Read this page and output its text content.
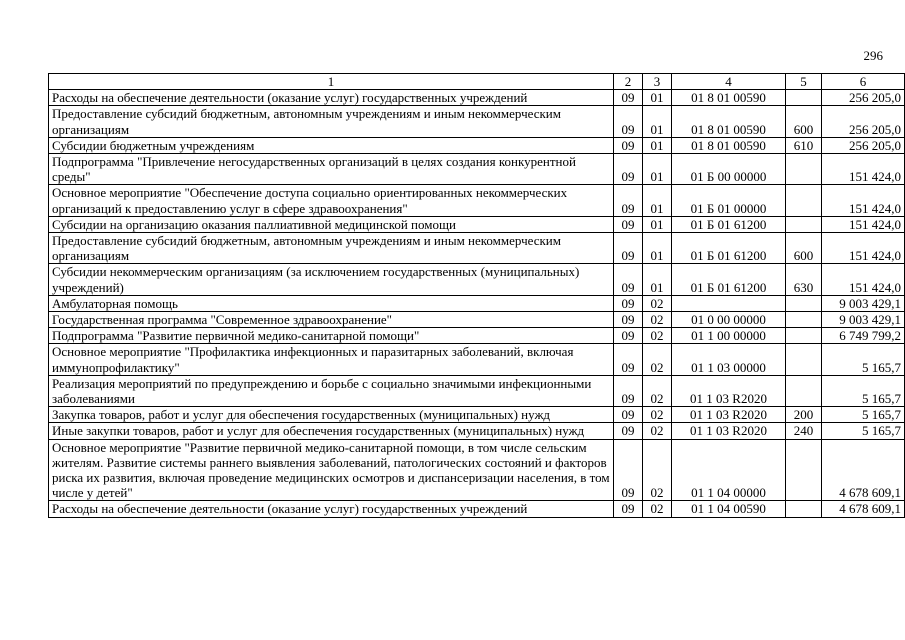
296
1	2	3	4	5	6
Расходы на обеспечение деятельности (оказание услуг) государственных учреждений	09	01	01 8 01 00590		256 205,0
Предоставление субсидий бюджетным, автономным учреждениям и иным некоммерческим организациям	09	01	01 8 01 00590	600	256 205,0
Субсидии бюджетным учреждениям	09	01	01 8 01 00590	610	256 205,0
Подпрограмма "Привлечение негосударственных организаций в целях создания конкурентной среды"	09	01	01 Б 00 00000		151 424,0
Основное мероприятие "Обеспечение доступа социально ориентированных некоммерческих организаций к предоставлению услуг в сфере здравоохранения"	09	01	01 Б 01 00000		151 424,0
Субсидии на организацию оказания паллиативной медицинской помощи	09	01	01 Б 01 61200		151 424,0
Предоставление субсидий бюджетным, автономным учреждениям и иным некоммерческим организациям	09	01	01 Б 01 61200	600	151 424,0
Субсидии некоммерческим организациям (за исключением государственных (муниципальных) учреждений)	09	01	01 Б 01 61200	630	151 424,0
Амбулаторная помощь	09	02			9 003 429,1
Государственная программа "Современное здравоохранение"	09	02	01 0 00 00000		9 003 429,1
Подпрограмма "Развитие первичной медико-санитарной помощи"	09	02	01 1 00 00000		6 749 799,2
Основное мероприятие "Профилактика инфекционных и паразитарных заболеваний, включая иммунопрофилактику"	09	02	01 1 03 00000		5 165,7
Реализация мероприятий по предупреждению и борьбе с социально значимыми инфекционными заболеваниями	09	02	01 1 03 R2020		5 165,7
Закупка товаров, работ и услуг для обеспечения государственных (муниципальных) нужд	09	02	01 1 03 R2020	200	5 165,7
Иные закупки товаров, работ и услуг для обеспечения государственных (муниципальных) нужд	09	02	01 1 03 R2020	240	5 165,7
Основное мероприятие "Развитие первичной медико-санитарной помощи, в том числе сельским жителям. Развитие системы раннего выявления заболеваний, патологических состояний и факторов риска их развития, включая проведение медицинских осмотров и диспансеризации населения, в том числе у детей"	09	02	01 1 04 00000		4 678 609,1
Расходы на обеспечение деятельности (оказание услуг) государственных учреждений	09	02	01 1 04 00590		4 678 609,1
